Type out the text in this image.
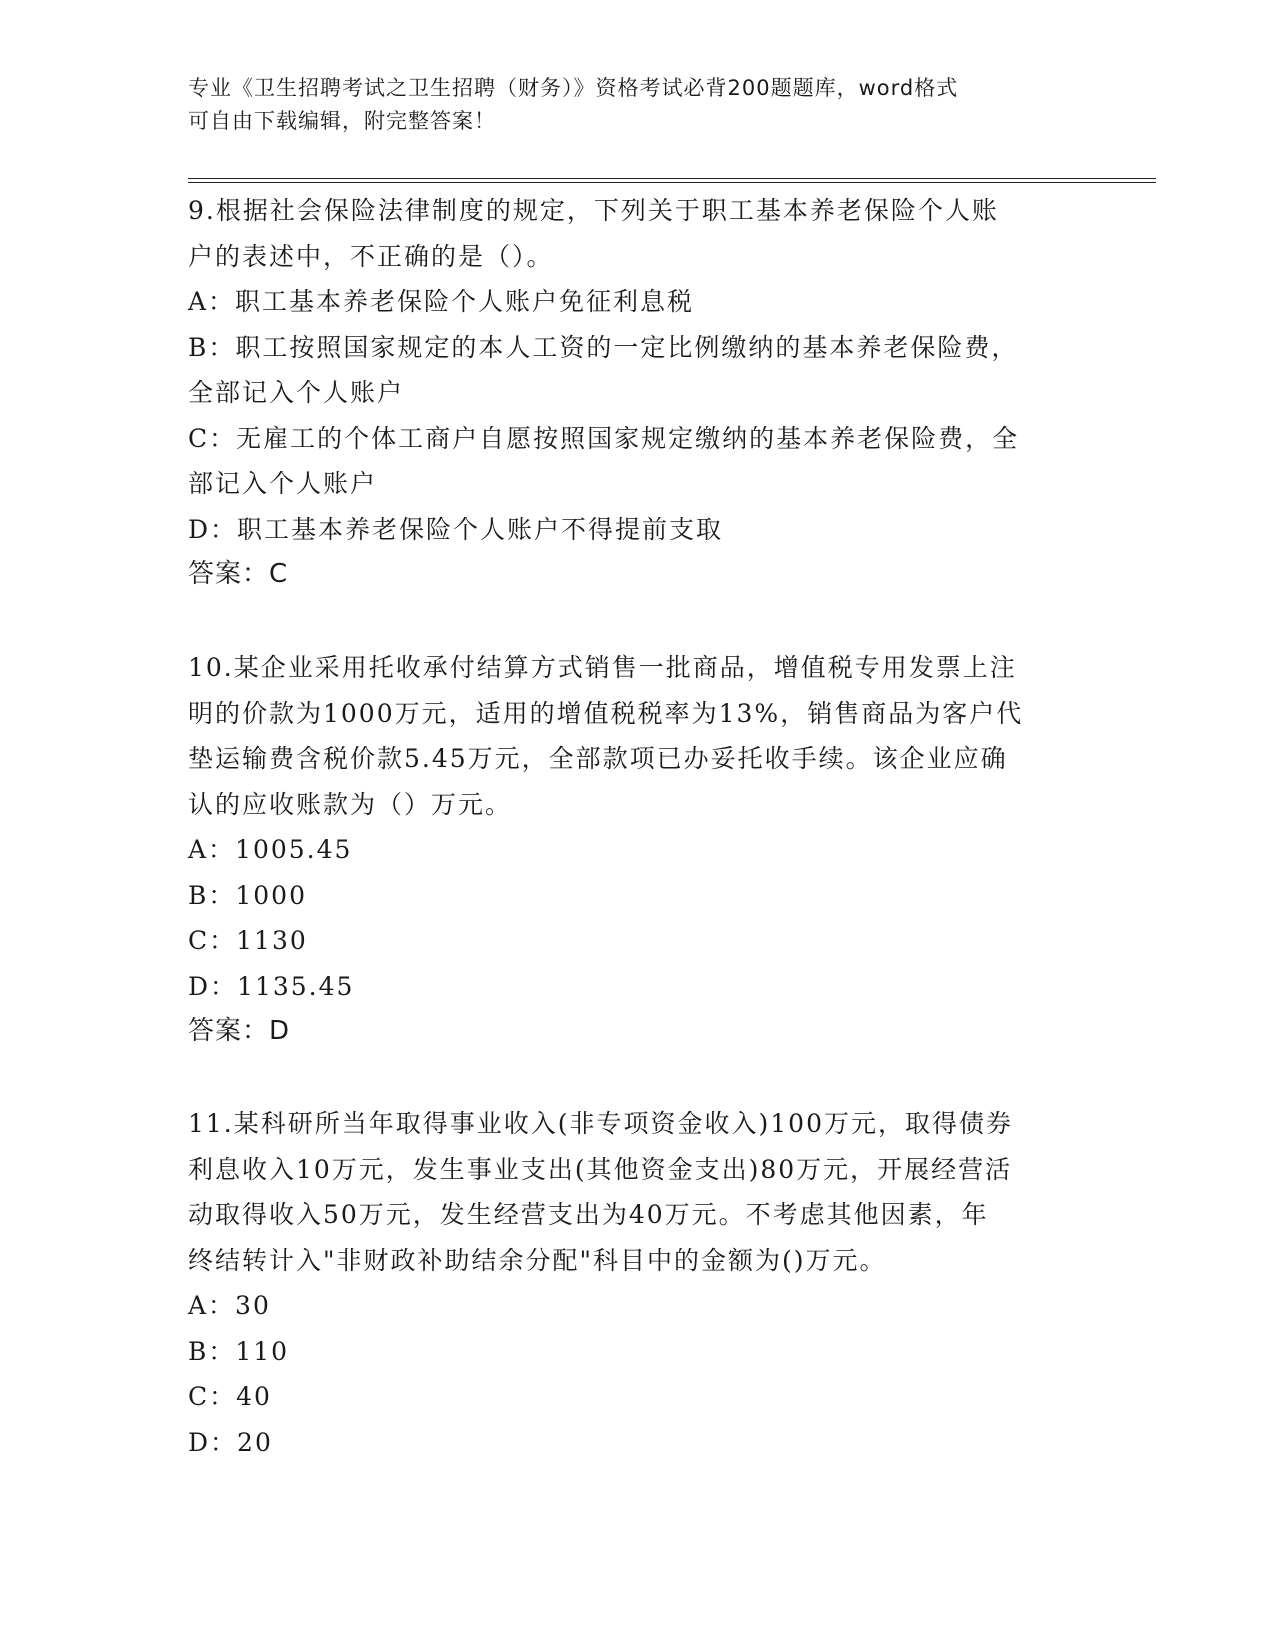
专业《卫生招聘考试之卫生招聘（财务）》资格考试必背200题题库，word格式
可自由下载编辑，附完整答案！

9.根据社会保险法律制度的规定，下列关于职工基本养老保险个人账

户的表述中，不正确的是（）。

A：职工基本养老保险个人账户免征利息税

B：职工按照国家规定的本人工资的一定比例缴纳的基本养老保险费，

全部记入个人账户

C：无雇工的个体工商户自愿按照国家规定缴纳的基本养老保险费，全

部记入个人账户

D：职工基本养老保险个人账户不得提前支取

答案：C

10.某企业采用托收承付结算方式销售一批商品，增值税专用发票上注

明的价款为1000万元，适用的增值税税率为13%，销售商品为客户代

垫运输费含税价款5.45万元，全部款项已办妥托收手续。该企业应确

认的应收账款为（）万元。

A：1005.45

B：1000

C：1130

D：1135.45

答案：D

11.某科研所当年取得事业收入(非专项资金收入)100万元，取得债券

利息收入10万元，发生事业支出(其他资金支出)80万元，开展经营活

动取得收入50万元，发生经营支出为40万元。不考虑其他因素，年

终结转计入"非财政补助结余分配"科目中的金额为()万元。

A：30

B：110

C：40

D：20
